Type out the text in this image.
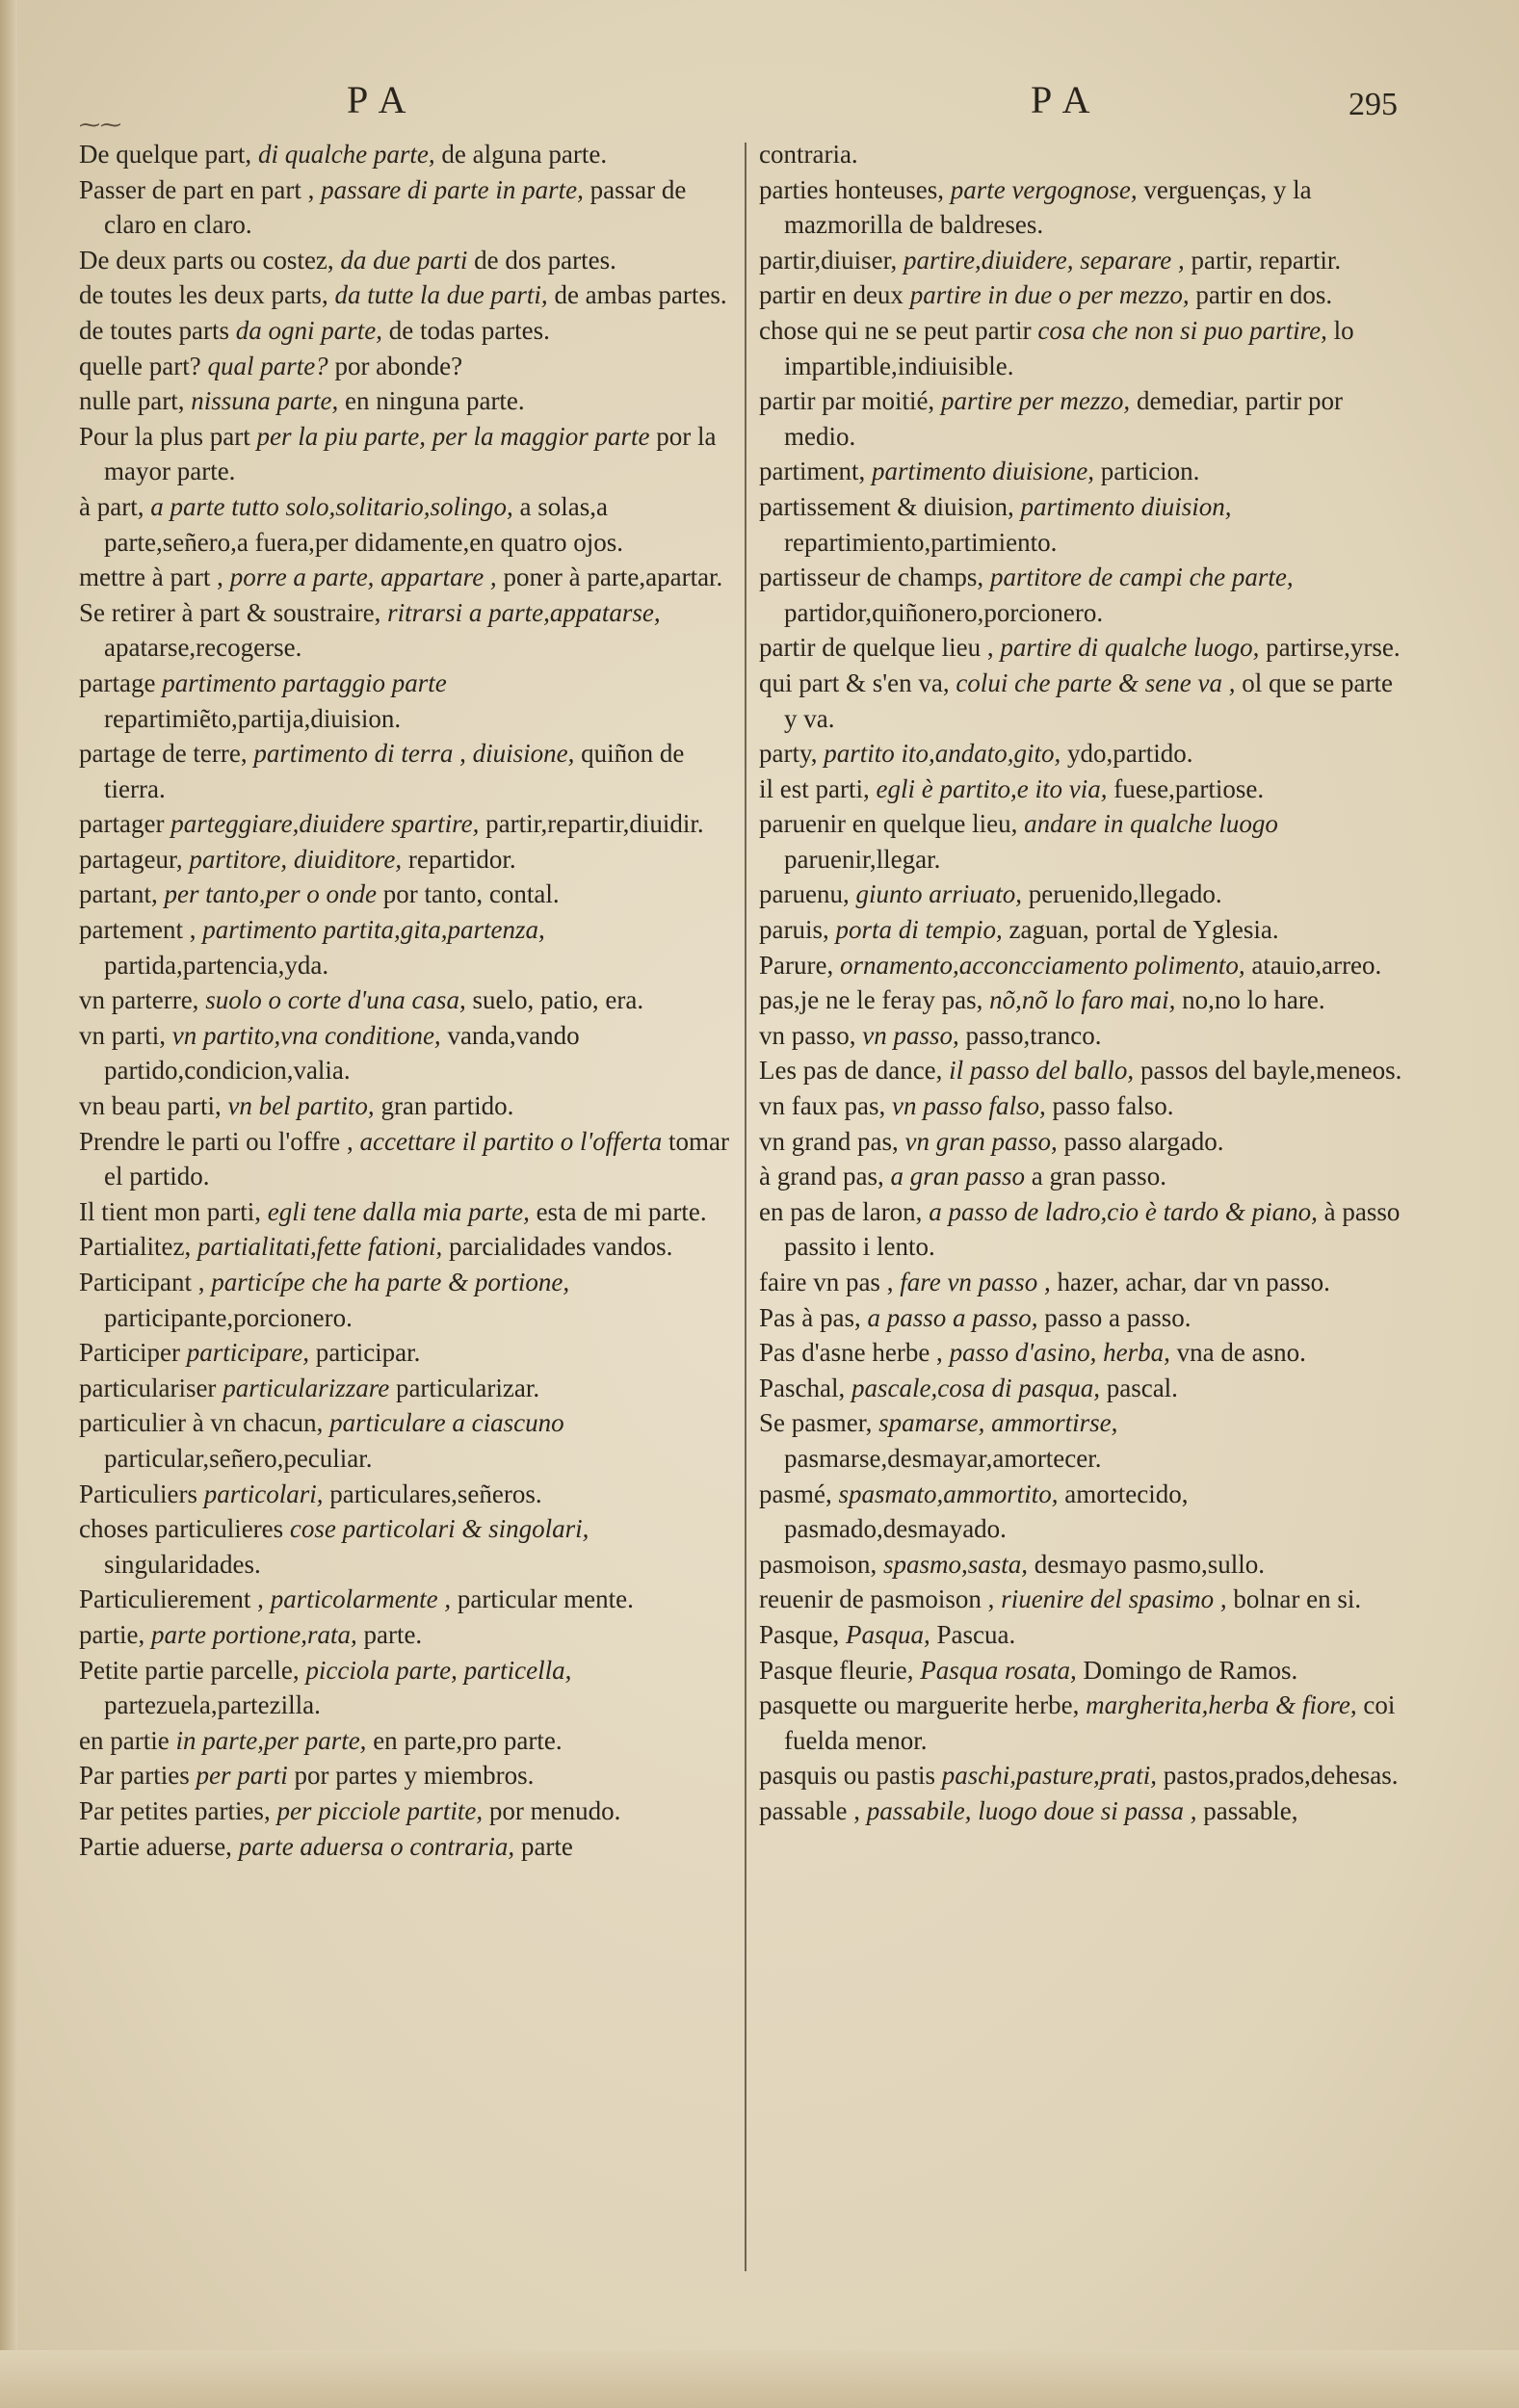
PA	PA	295
⁓⁓

De quelque part, di qualche parte, de alguna parte.

Passer de part en part , passare di parte in parte, passar de claro en claro.

De deux parts ou costez, da due parti de dos partes.

de toutes les deux parts, da tutte la due parti, de ambas partes.

de toutes parts da ogni parte, de todas partes.

quelle part? qual parte? por abonde?

nulle part, nissuna parte, en ninguna parte.

Pour la plus part per la piu parte, per la maggior parte por la mayor parte.

à part, a parte tutto solo,solitario,solingo, a solas,a parte,señero,a fuera,per didamente,en quatro ojos.

mettre à part , porre a parte, appartare , poner à parte,apartar.

Se retirer à part & soustraire, ritrarsi a parte,appatarse, apatarse,recogerse.

partage partimento partaggio parte repartimiẽto,partija,diuision.

partage de terre, partimento di terra , diuisione, quiñon de tierra.

partager parteggiare,diuidere spartire, partir,repartir,diuidir.

partageur, partitore, diuiditore, repartidor.

partant, per tanto,per o onde por tanto, contal.

partement , partimento partita,gita,partenza, partida,partencia,yda.

vn parterre, suolo o corte d'una casa, suelo, patio, era.

vn parti, vn partito,vna conditione, vanda,vando partido,condicion,valia.

vn beau parti, vn bel partito, gran partido.

Prendre le parti ou l'offre , accettare il partito o l'offerta tomar el partido.

Il tient mon parti, egli tene dalla mia parte, esta de mi parte.

Partialitez, partialitati,fette fationi, parcialidades vandos.

Participant , particípe che ha parte & portione, participante,porcionero.

Participer participare, participar.

particulariser particularizzare particularizar.

particulier à vn chacun, particulare a ciascuno particular,señero,peculiar.

Particuliers particolari, particulares,señeros.

choses particulieres cose particolari & singolari, singularidades.

Particulierement , particolarmente , particular mente.

partie, parte portione,rata, parte.

Petite partie parcelle, picciola parte, particella, partezuela,partezilla.

en partie in parte,per parte, en parte,pro parte.

Par parties per parti por partes y miembros.

Par petites parties, per picciole partite, por menudo.

Partie aduerse, parte aduersa o contraria, parte

contraria.

parties honteuses, parte vergognose, verguenças, y la mazmorilla de baldreses.

partir,diuiser, partire,diuidere, separare , partir, repartir.

partir en deux partire in due o per mezzo, partir en dos.

chose qui ne se peut partir cosa che non si puo partire, lo impartible,indiuisible.

partir par moitié, partire per mezzo, demediar, partir por medio.

partiment, partimento diuisione, particion.

partissement & diuision, partimento diuision, repartimiento,partimiento.

partisseur de champs, partitore de campi che parte, partidor,quiñonero,porcionero.

partir de quelque lieu , partire di qualche luogo, partirse,yrse.

qui part & s'en va, colui che parte & sene va , ol que se parte y va.

party, partito ito,andato,gito, ydo,partido.

il est parti, egli è partito,e ito via, fuese,partiose.

paruenir en quelque lieu, andare in qualche luogo paruenir,llegar.

paruenu, giunto arriuato, peruenido,llegado.

paruis, porta di tempio, zaguan, portal de Yglesia.

Parure, ornamento,acconcciamento polimento, atauio,arreo.

pas,je ne le feray pas, nõ,nõ lo faro mai, no,no lo hare.

vn passo, vn passo, passo,tranco.

Les pas de dance, il passo del ballo, passos del bayle,meneos.

vn faux pas, vn passo falso, passo falso.

vn grand pas, vn gran passo, passo alargado.

à grand pas, a gran passo a gran passo.

en pas de laron, a passo de ladro,cio è tardo & piano, à passo passito i lento.

faire vn pas , fare vn passo , hazer, achar, dar vn passo.

Pas à pas, a passo a passo, passo a passo.

Pas d'asne herbe , passo d'asino, herba, vna de asno.

Paschal, pascale,cosa di pasqua, pascal.

Se pasmer, spamarse, ammortirse, pasmarse,desmayar,amortecer.

pasmé, spasmato,ammortito, amortecido, pasmado,desmayado.

pasmoison, spasmo,sasta, desmayo pasmo,sullo.

reuenir de pasmoison , riuenire del spasimo , bolnar en si.

Pasque, Pasqua, Pascua.

Pasque fleurie, Pasqua rosata, Domingo de Ramos.

pasquette ou marguerite herbe, margherita,herba & fiore, coi fuelda menor.

pasquis ou pastis paschi,pasture,prati, pastos,prados,dehesas.

passable , passabile, luogo doue si passa , passable,
